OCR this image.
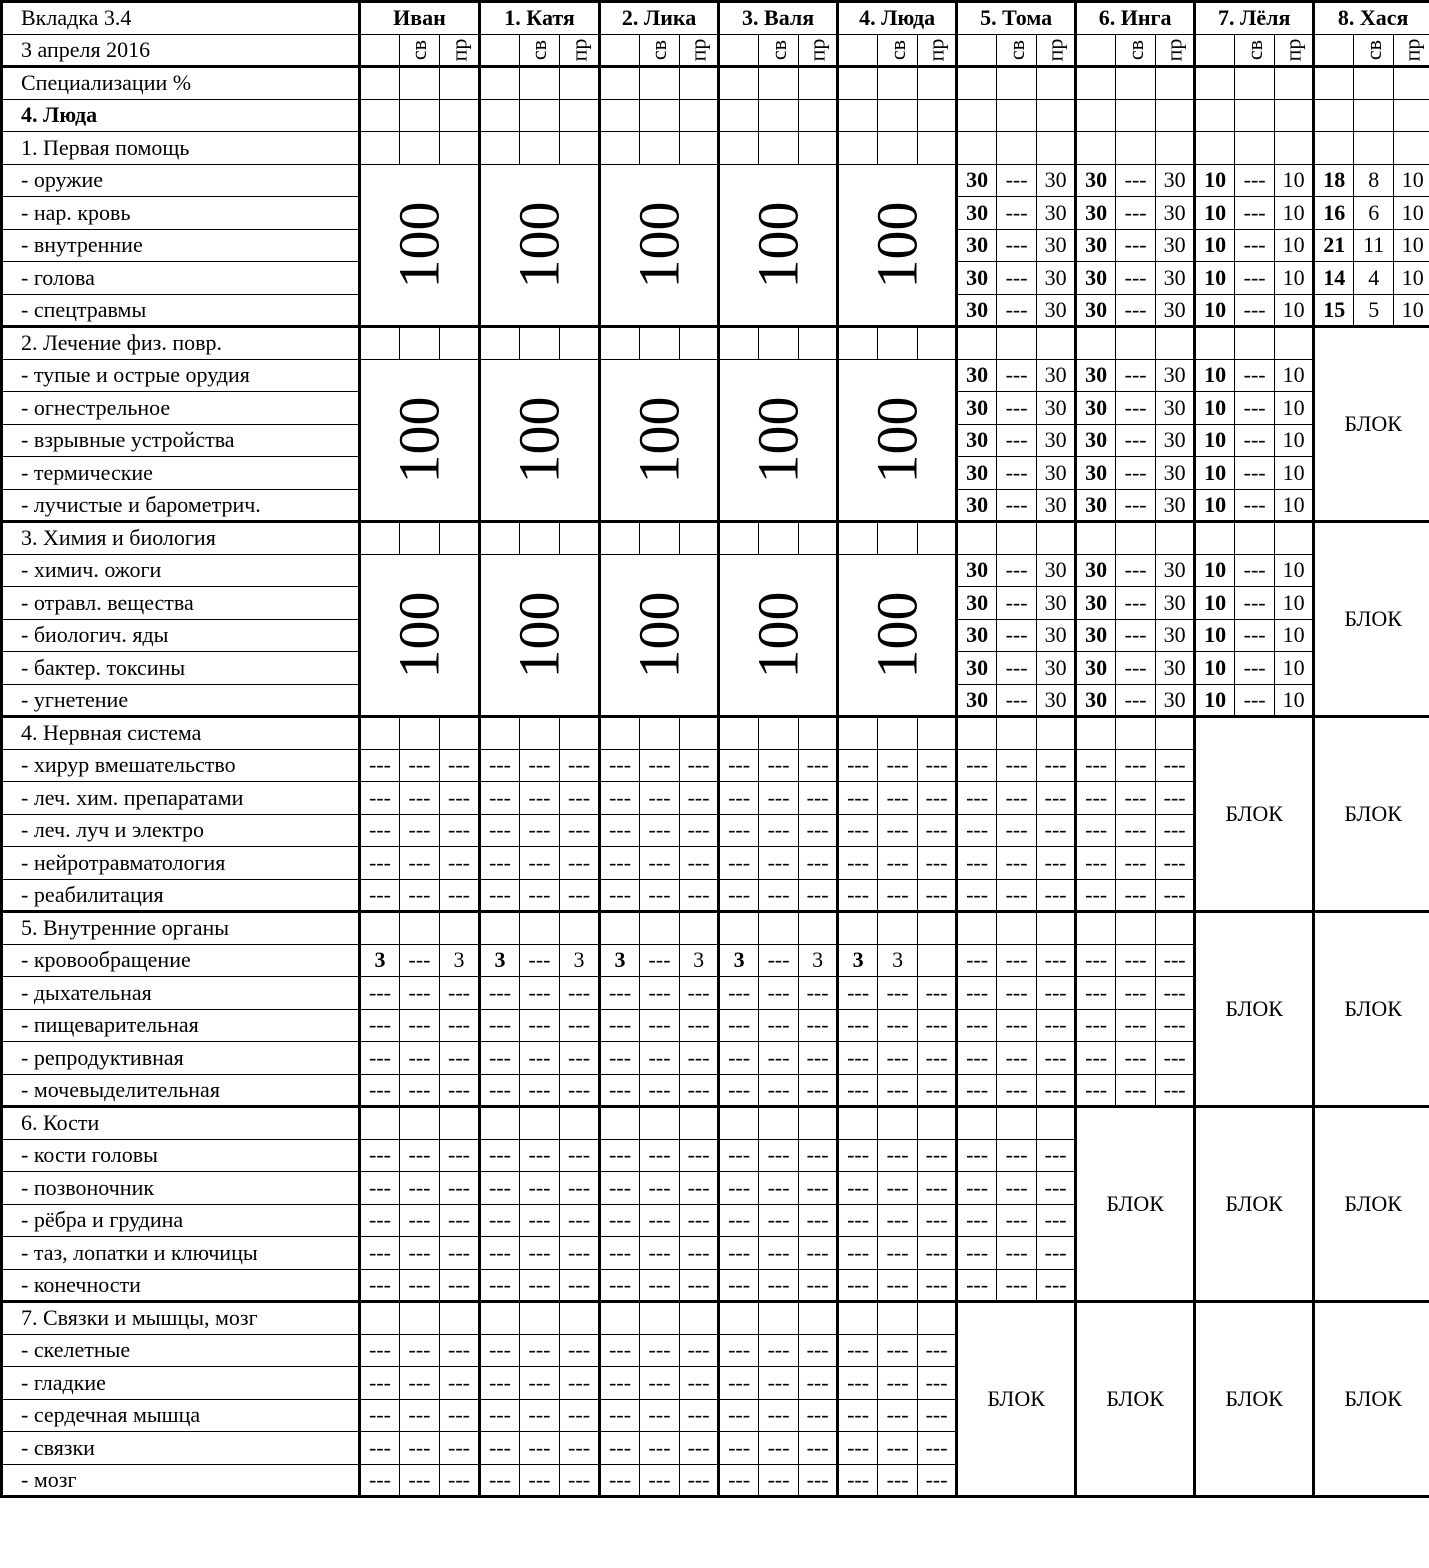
Вкладка 3.4	Иван			1. Катя			2. Лика			3. Валя			4. Люда			5. Тома			6. Инга			7. Лёля			8. Хася		
3 апреля 2016		св	пр		св	пр		св	пр		св	пр		св	пр		св	пр		св	пр		св	пр		св	пр
Специализации %																											
4. Люда																											
1. Первая помощь																											
- оружие	100			100			100			100			100			30	---	30	30	---	30	10	---	10	18	8	10
- нар. кровь																30	---	30	30	---	30	10	---	10	16	6	10
- внутренние																30	---	30	30	---	30	10	---	10	21	11	10
- голова																30	---	30	30	---	30	10	---	10	14	4	10
- спецтравмы																30	---	30	30	---	30	10	---	10	15	5	10
2. Лечение физ. повр.																									БЛОК		
- тупые и острые орудия	100			100			100			100			100			30	---	30	30	---	30	10	---	10			
- огнестрельное																30	---	30	30	---	30	10	---	10			
- взрывные устройства																30	---	30	30	---	30	10	---	10			
- термические																30	---	30	30	---	30	10	---	10			
- лучистые и барометрич.																30	---	30	30	---	30	10	---	10			
3. Химия и биология																									БЛОК		
- химич. ожоги	100			100			100			100			100			30	---	30	30	---	30	10	---	10			
- отравл. вещества																30	---	30	30	---	30	10	---	10			
- биологич. яды																30	---	30	30	---	30	10	---	10			
- бактер. токсины																30	---	30	30	---	30	10	---	10			
- угнетение																30	---	30	30	---	30	10	---	10			
4. Нервная система																						БЛОК			БЛОК		
- хирур вмешательство	---	---	---	---	---	---	---	---	---	---	---	---	---	---	---	---	---	---	---	---	---						
- леч. хим. препаратами	---	---	---	---	---	---	---	---	---	---	---	---	---	---	---	---	---	---	---	---	---						
- леч. луч и электро	---	---	---	---	---	---	---	---	---	---	---	---	---	---	---	---	---	---	---	---	---						
- нейротравматология	---	---	---	---	---	---	---	---	---	---	---	---	---	---	---	---	---	---	---	---	---						
- реабилитация	---	---	---	---	---	---	---	---	---	---	---	---	---	---	---	---	---	---	---	---	---						
5. Внутренние органы																						БЛОК			БЛОК		
- кровообращение	3	---	3	3	---	3	3	---	3	3	---	3	3	3		---	---	---	---	---	---						
- дыхательная	---	---	---	---	---	---	---	---	---	---	---	---	---	---	---	---	---	---	---	---	---						
- пищеварительная	---	---	---	---	---	---	---	---	---	---	---	---	---	---	---	---	---	---	---	---	---						
- репродуктивная	---	---	---	---	---	---	---	---	---	---	---	---	---	---	---	---	---	---	---	---	---						
- мочевыделительная	---	---	---	---	---	---	---	---	---	---	---	---	---	---	---	---	---	---	---	---	---						
6. Кости																			БЛОК			БЛОК			БЛОК		
- кости головы	---	---	---	---	---	---	---	---	---	---	---	---	---	---	---	---	---	---									
- позвоночник	---	---	---	---	---	---	---	---	---	---	---	---	---	---	---	---	---	---									
- рёбра и грудина	---	---	---	---	---	---	---	---	---	---	---	---	---	---	---	---	---	---									
- таз, лопатки и ключицы	---	---	---	---	---	---	---	---	---	---	---	---	---	---	---	---	---	---									
- конечности	---	---	---	---	---	---	---	---	---	---	---	---	---	---	---	---	---	---									
7. Связки и мышцы, мозг																БЛОК			БЛОК			БЛОК			БЛОК		
- скелетные	---	---	---	---	---	---	---	---	---	---	---	---	---	---	---												
- гладкие	---	---	---	---	---	---	---	---	---	---	---	---	---	---	---												
- сердечная мышца	---	---	---	---	---	---	---	---	---	---	---	---	---	---	---												
- связки	---	---	---	---	---	---	---	---	---	---	---	---	---	---	---												
- мозг	---	---	---	---	---	---	---	---	---	---	---	---	---	---	---												
